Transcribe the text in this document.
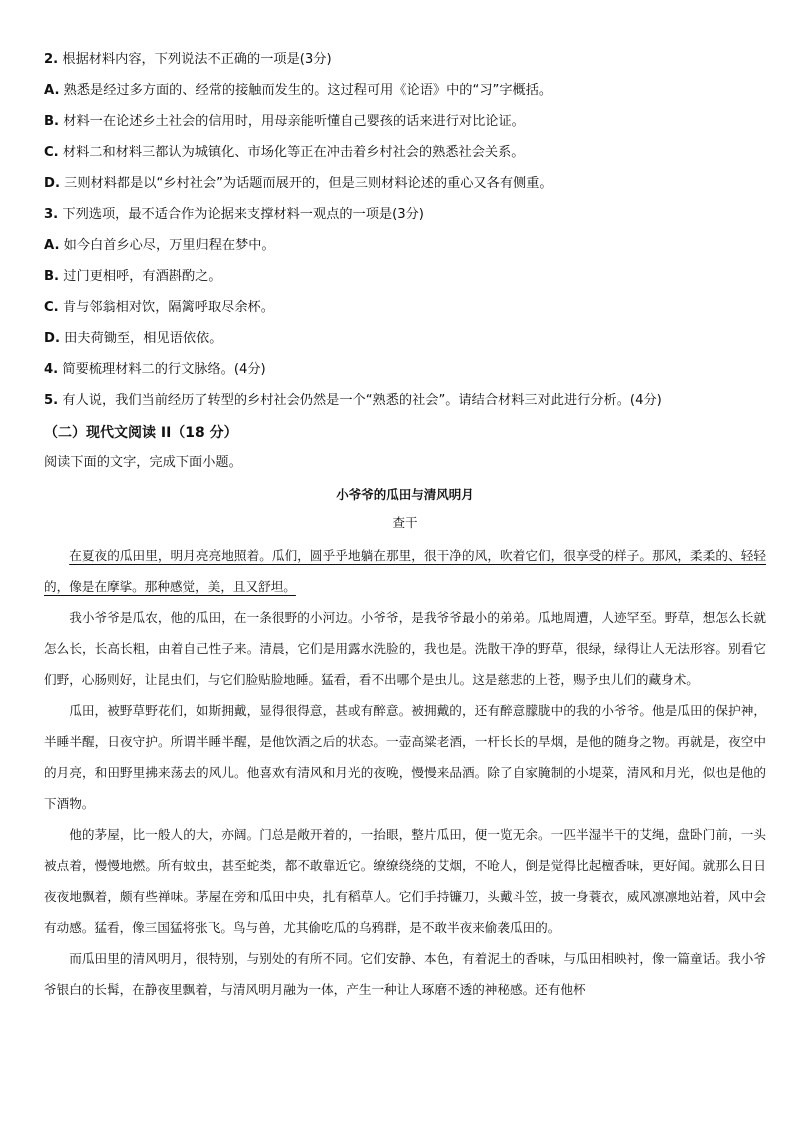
2. 根据材料内容，下列说法不正确的一项是(3分)
A. 熟悉是经过多方面的、经常的接触而发生的。这过程可用《论语》中的“习”字概括。
B. 材料一在论述乡土社会的信用时，用母亲能听懂自己婴孩的话来进行对比论证。
C. 材料二和材料三都认为城镇化、市场化等正在冲击着乡村社会的熟悉社会关系。
D. 三则材料都是以“乡村社会”为话题而展开的，但是三则材料论述的重心又各有侧重。
3. 下列选项，最不适合作为论据来支撑材料一观点的一项是(3分)
A. 如今白首乡心尽，万里归程在梦中。
B. 过门更相呼，有酒斟酌之。
C. 肯与邻翁相对饮，隔篱呼取尽余杯。
D. 田夫荷锄至，相见语依依。
4. 简要梳理材料二的行文脉络。(4分)
5. 有人说，我们当前经历了转型的乡村社会仍然是一个“熟悉的社会”。请结合材料三对此进行分析。(4分)
（二）现代文阅读 II（18 分）
阅读下面的文字，完成下面小题。
小爷爷的瓜田与清风明月
查干

在夏夜的瓜田里，明月亮亮地照着。瓜们，圆乎乎地躺在那里，很干净的风，吹着它们，很享受的样子。那风，柔柔的、轻轻的，像是在摩挲。那种感觉，美，且又舒坦。

我小爷爷是瓜农，他的瓜田，在一条很野的小河边。小爷爷，是我爷爷最小的弟弟。瓜地周遭，人迹罕至。野草，想怎么长就怎么长，长高长粗，由着自己性子来。清晨，它们是用露水洗脸的，我也是。洗散干净的野草，很绿，绿得让人无法形容。别看它们野，心肠则好，让昆虫们，与它们脸贴脸地睡。猛看，看不出哪个是虫儿。这是慈悲的上苍，赐予虫儿们的藏身术。

瓜田，被野草野花们，如斯拥戴，显得很得意，甚或有醉意。被拥戴的，还有醉意朦胧中的我的小爷爷。他是瓜田的保护神，半睡半醒，日夜守护。所谓半睡半醒，是他饮酒之后的状态。一壶高粱老酒，一杆长长的旱烟，是他的随身之物。再就是，夜空中的月亮，和田野里拂来荡去的风儿。他喜欢有清风和月光的夜晚，慢慢来品酒。除了自家腌制的小堤菜，清风和月光，似也是他的下酒物。

他的茅屋，比一般人的大，亦阔。门总是敞开着的，一抬眼，整片瓜田，便一览无余。一匹半湿半干的艾绳，盘卧门前，一头被点着，慢慢地燃。所有蚊虫，甚至蛇类，都不敢靠近它。缭缭绕绕的艾烟，不呛人，倒是觉得比起檀香味，更好闻。就那么日日夜夜地飘着，颇有些禅味。茅屋在旁和瓜田中央，扎有稻草人。它们手持镰刀，头戴斗笠，披一身蓑衣，威风凛凛地站着，风中会有动感。猛看，像三国猛将张飞。鸟与兽，尤其偷吃瓜的乌鸦群，是不敢半夜来偷袭瓜田的。

而瓜田里的清风明月，很特别，与别处的有所不同。它们安静、本色，有着泥土的香味，与瓜田相映衬，像一篇童话。我小爷爷银白的长髯，在静夜里飘着，与清风明月融为一体，产生一种让人琢磨不透的神秘感。还有他杯
